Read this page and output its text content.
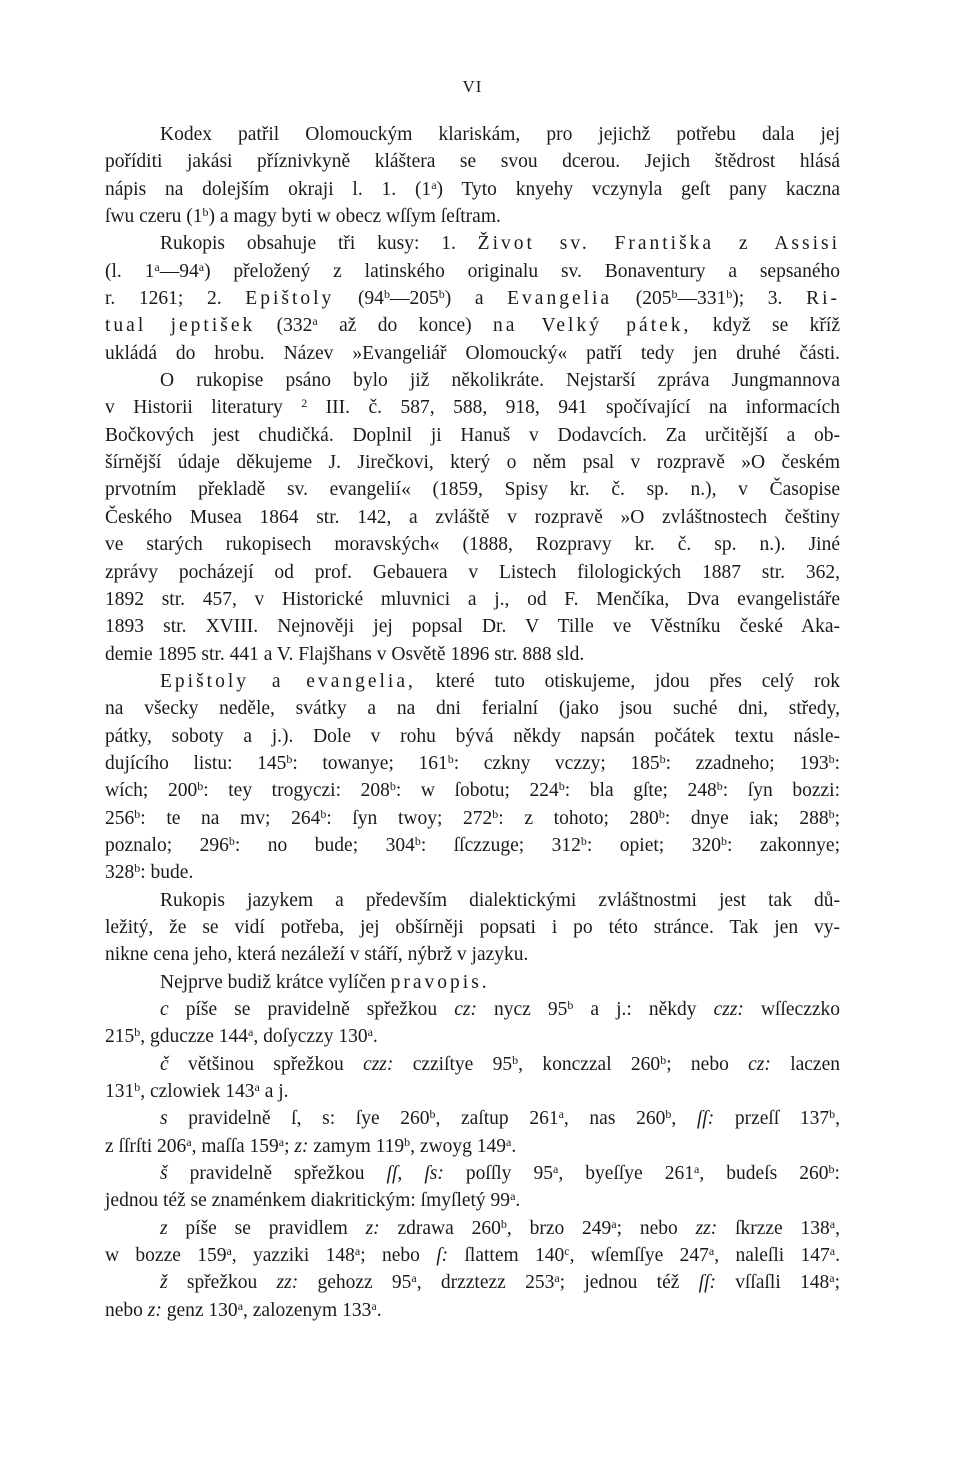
VI
Kodex patřil Olomouckým klariskám, pro jejichž potřebu dala jej
poříditi jakási příznivkyně kláštera se svou dcerou. Jejich štědrost hlásá
nápis na dolejším okraji l. 1. (1$^a$) Tyto knyehy vczynyla geſt pany kaczna
ſwu czeru (1$^b$) a magy byti w obecz wſſym ſeſtram.
Rukopis obsahuje tři kusy: 1. Život sv. Františka z Assisi
(l. 1$^a$—94$^a$) přeložený z latinského originalu sv. Bonaventury a sepsaného
r. 1261; 2. Epištoly (94$^b$—205$^b$) a Evangelia (205$^b$—331$^b$); 3. Ri-
tual jeptišek (332$^a$ až do konce) na Velký pátek, když se kříž
ukládá do hrobu. Název »Evangeliář Olomoucký« patří tedy jen druhé části.
O rukopise psáno bylo již několikráte. Nejstarší zpráva Jungmannova
v Historii literatury $^2$ III. č. 587, 588, 918, 941 spočívající na informacích
Bočkových jest chudičká. Doplnil ji Hanuš v Dodavcích. Za určitější a ob-
šírnější údaje děkujeme J. Jirečkovi, který o něm psal v rozpravě »O českém
prvotním překladě sv. evangelií« (1859, Spisy kr. č. sp. n.), v Časopise
Českého Musea 1864 str. 142, a zvláště v rozpravě »O zvláštnostech češtiny
ve starých rukopisech moravských« (1888, Rozpravy kr. č. sp. n.). Jiné
zprávy pocházejí od prof. Gebauera v Listech filologických 1887 str. 362,
1892 str. 457, v Historické mluvnici a j., od F. Menčíka, Dva evangelistáře
1893 str. XVIII. Nejnověji jej popsal Dr. V Tille ve Věstníku české Aka-
demie 1895 str. 441 a V. Flajšhans v Osvětě 1896 str. 888 sld.
Epištoly a evangelia, které tuto otiskujeme, jdou přes celý rok
na všecky neděle, svátky a na dni ferialní (jako jsou suché dni, středy,
pátky, soboty a j.). Dole v rohu bývá někdy napsán počátek textu násle-
dujícího listu: 145$^b$: towanye; 161$^b$: czkny vczzy; 185$^b$: zzadneho; 193$^b$:
wích; 200$^b$: tey trogyczi: 208$^b$: w ſobotu; 224$^b$: bla gſte; 248$^b$: ſyn bozzi:
256$^b$: te na mv; 264$^b$: ſyn twoy; 272$^b$: z tohoto; 280$^b$: dnye iak; 288$^b$;
poznalo; 296$^b$: no bude; 304$^b$: ſſczzuge; 312$^b$: opiet; 320$^b$: zakonnye;
328$^b$: bude.
Rukopis jazykem a především dialektickými zvláštnostmi jest tak dů-
ležitý, že se vidí potřeba, jej obšírněji popsati i po této stránce. Tak jen vy-
nikne cena jeho, která nezáleží v stáří, nýbrž v jazyku.
Nejprve budiž krátce vylíčen pravopis.
c píše se pravidelně spřežkou cz: nycz 95$^b$ a j.: někdy czz: wſſeczzko
215$^b$, gduczze 144$^a$, doſyczzy 130$^a$.
č většinou spřežkou czz: czziſtye 95$^b$, konczzal 260$^b$; nebo cz: laczen
131$^b$, czlowiek 143$^a$ a j.
s pravidelně ſ, s: ſye 260$^b$, zaſtup 261$^a$, nas 260$^b$, ſſ: przeſſ 137$^b$,
z ſſrſti 206$^a$, maſſa 159$^a$; z: zamym 119$^b$, zwoyg 149$^a$.
š pravidelně spřežkou ſſ, ſs: poſſly 95$^a$, byeſſye 261$^a$, budeſs 260$^b$:
jednou též se znaménkem diakritickým: ſmyſletý 99$^a$.
z píše se pravidlem z: zdrawa 260$^b$, brzo 249$^a$; nebo zz: ſkrzze 138$^a$,
w bozze 159$^a$, yazziki 148$^a$; nebo ſ: ſlattem 140$^c$, wſemſſye 247$^a$, naleſli 147$^a$.
ž spřežkou zz: gehozz 95$^a$, drzztezz 253$^a$; jednou též ſſ: vſſaſli 148$^a$;
nebo z: genz 130$^a$, zalozenym 133$^a$.
